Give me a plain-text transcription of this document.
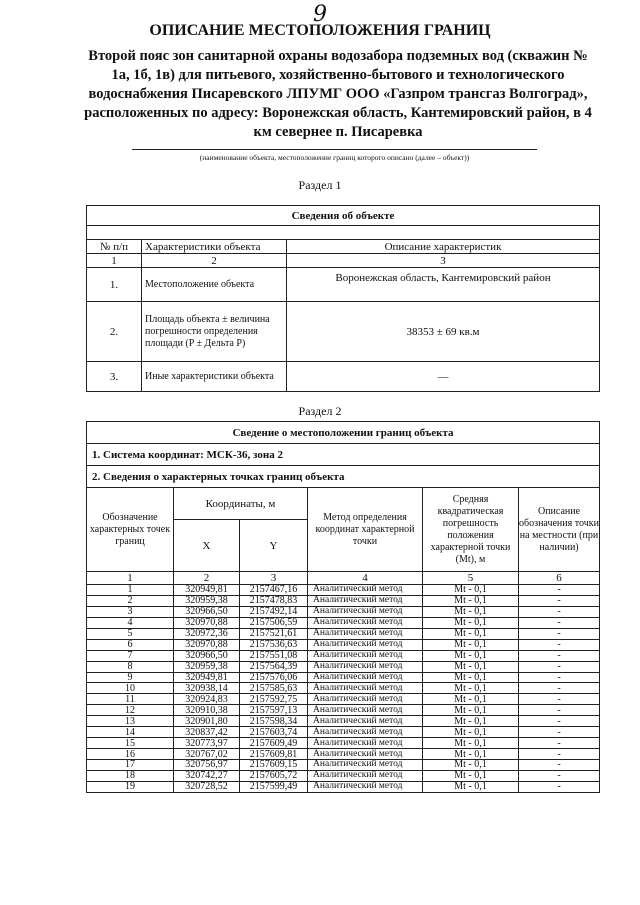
9
ОПИСАНИЕ МЕСТОПОЛОЖЕНИЯ ГРАНИЦ
Второй пояс зон санитарной охраны водозабора подземных вод (скважин № 1а, 1б, 1в) для питьевого, хозяйственно-бытового и технологического водоснабжения Писаревского ЛПУМГ ООО «Газпром трансгаз Волгоград», расположенных по адресу: Воронежская область, Кантемировский район, в 4 км севернее п. Писаревка
(наименование объекта, местоположение границ которого описано (далее – объект))
Раздел 1
Сведения об объекте		

№ п/п	Характеристики объекта	Описание характеристик
1	2	3
1.	Местоположение объекта	Воронежская область, Кантемировский район
2.	Площадь объекта ± величина погрешности определения площади (P ± Дельта P)	38353 ± 69 кв.м
3.	Иные характеристики объекта	—
Раздел 2
Сведение о местоположении границ объекта					
1. Система координат: МСК-36, зона 2					
2. Сведения о характерных точках границ объекта					
Обозначение характерных точек границ	Координаты, м		Метод определения координат характерной точки	Средняя квадратическая погрешность положения характерной точки (Mt), м	Описание обозначения точки на местности (при наличии)
	X	Y			
1	2	3	4	5	6
1	320949,81	2157467,16	Аналитический метод	Mt - 0,1	-
2	320959,38	2157478,83	Аналитический метод	Mt - 0,1	-
3	320966,50	2157492,14	Аналитический метод	Mt - 0,1	-
4	320970,88	2157506,59	Аналитический метод	Mt - 0,1	-
5	320972,36	2157521,61	Аналитический метод	Mt - 0,1	-
6	320970,88	2157536,63	Аналитический метод	Mt - 0,1	-
7	320966,50	2157551,08	Аналитический метод	Mt - 0,1	-
8	320959,38	2157564,39	Аналитический метод	Mt - 0,1	-
9	320949,81	2157576,06	Аналитический метод	Mt - 0,1	-
10	320938,14	2157585,63	Аналитический метод	Mt - 0,1	-
11	320924,83	2157592,75	Аналитический метод	Mt - 0,1	-
12	320910,38	2157597,13	Аналитический метод	Mt - 0,1	-
13	320901,80	2157598,34	Аналитический метод	Mt - 0,1	-
14	320837,42	2157603,74	Аналитический метод	Mt - 0,1	-
15	320773,97	2157609,49	Аналитический метод	Mt - 0,1	-
16	320767,02	2157609,81	Аналитический метод	Mt - 0,1	-
17	320756,97	2157609,15	Аналитический метод	Mt - 0,1	-
18	320742,27	2157605,72	Аналитический метод	Mt - 0,1	-
19	320728,52	2157599,49	Аналитический метод	Mt - 0,1	-
